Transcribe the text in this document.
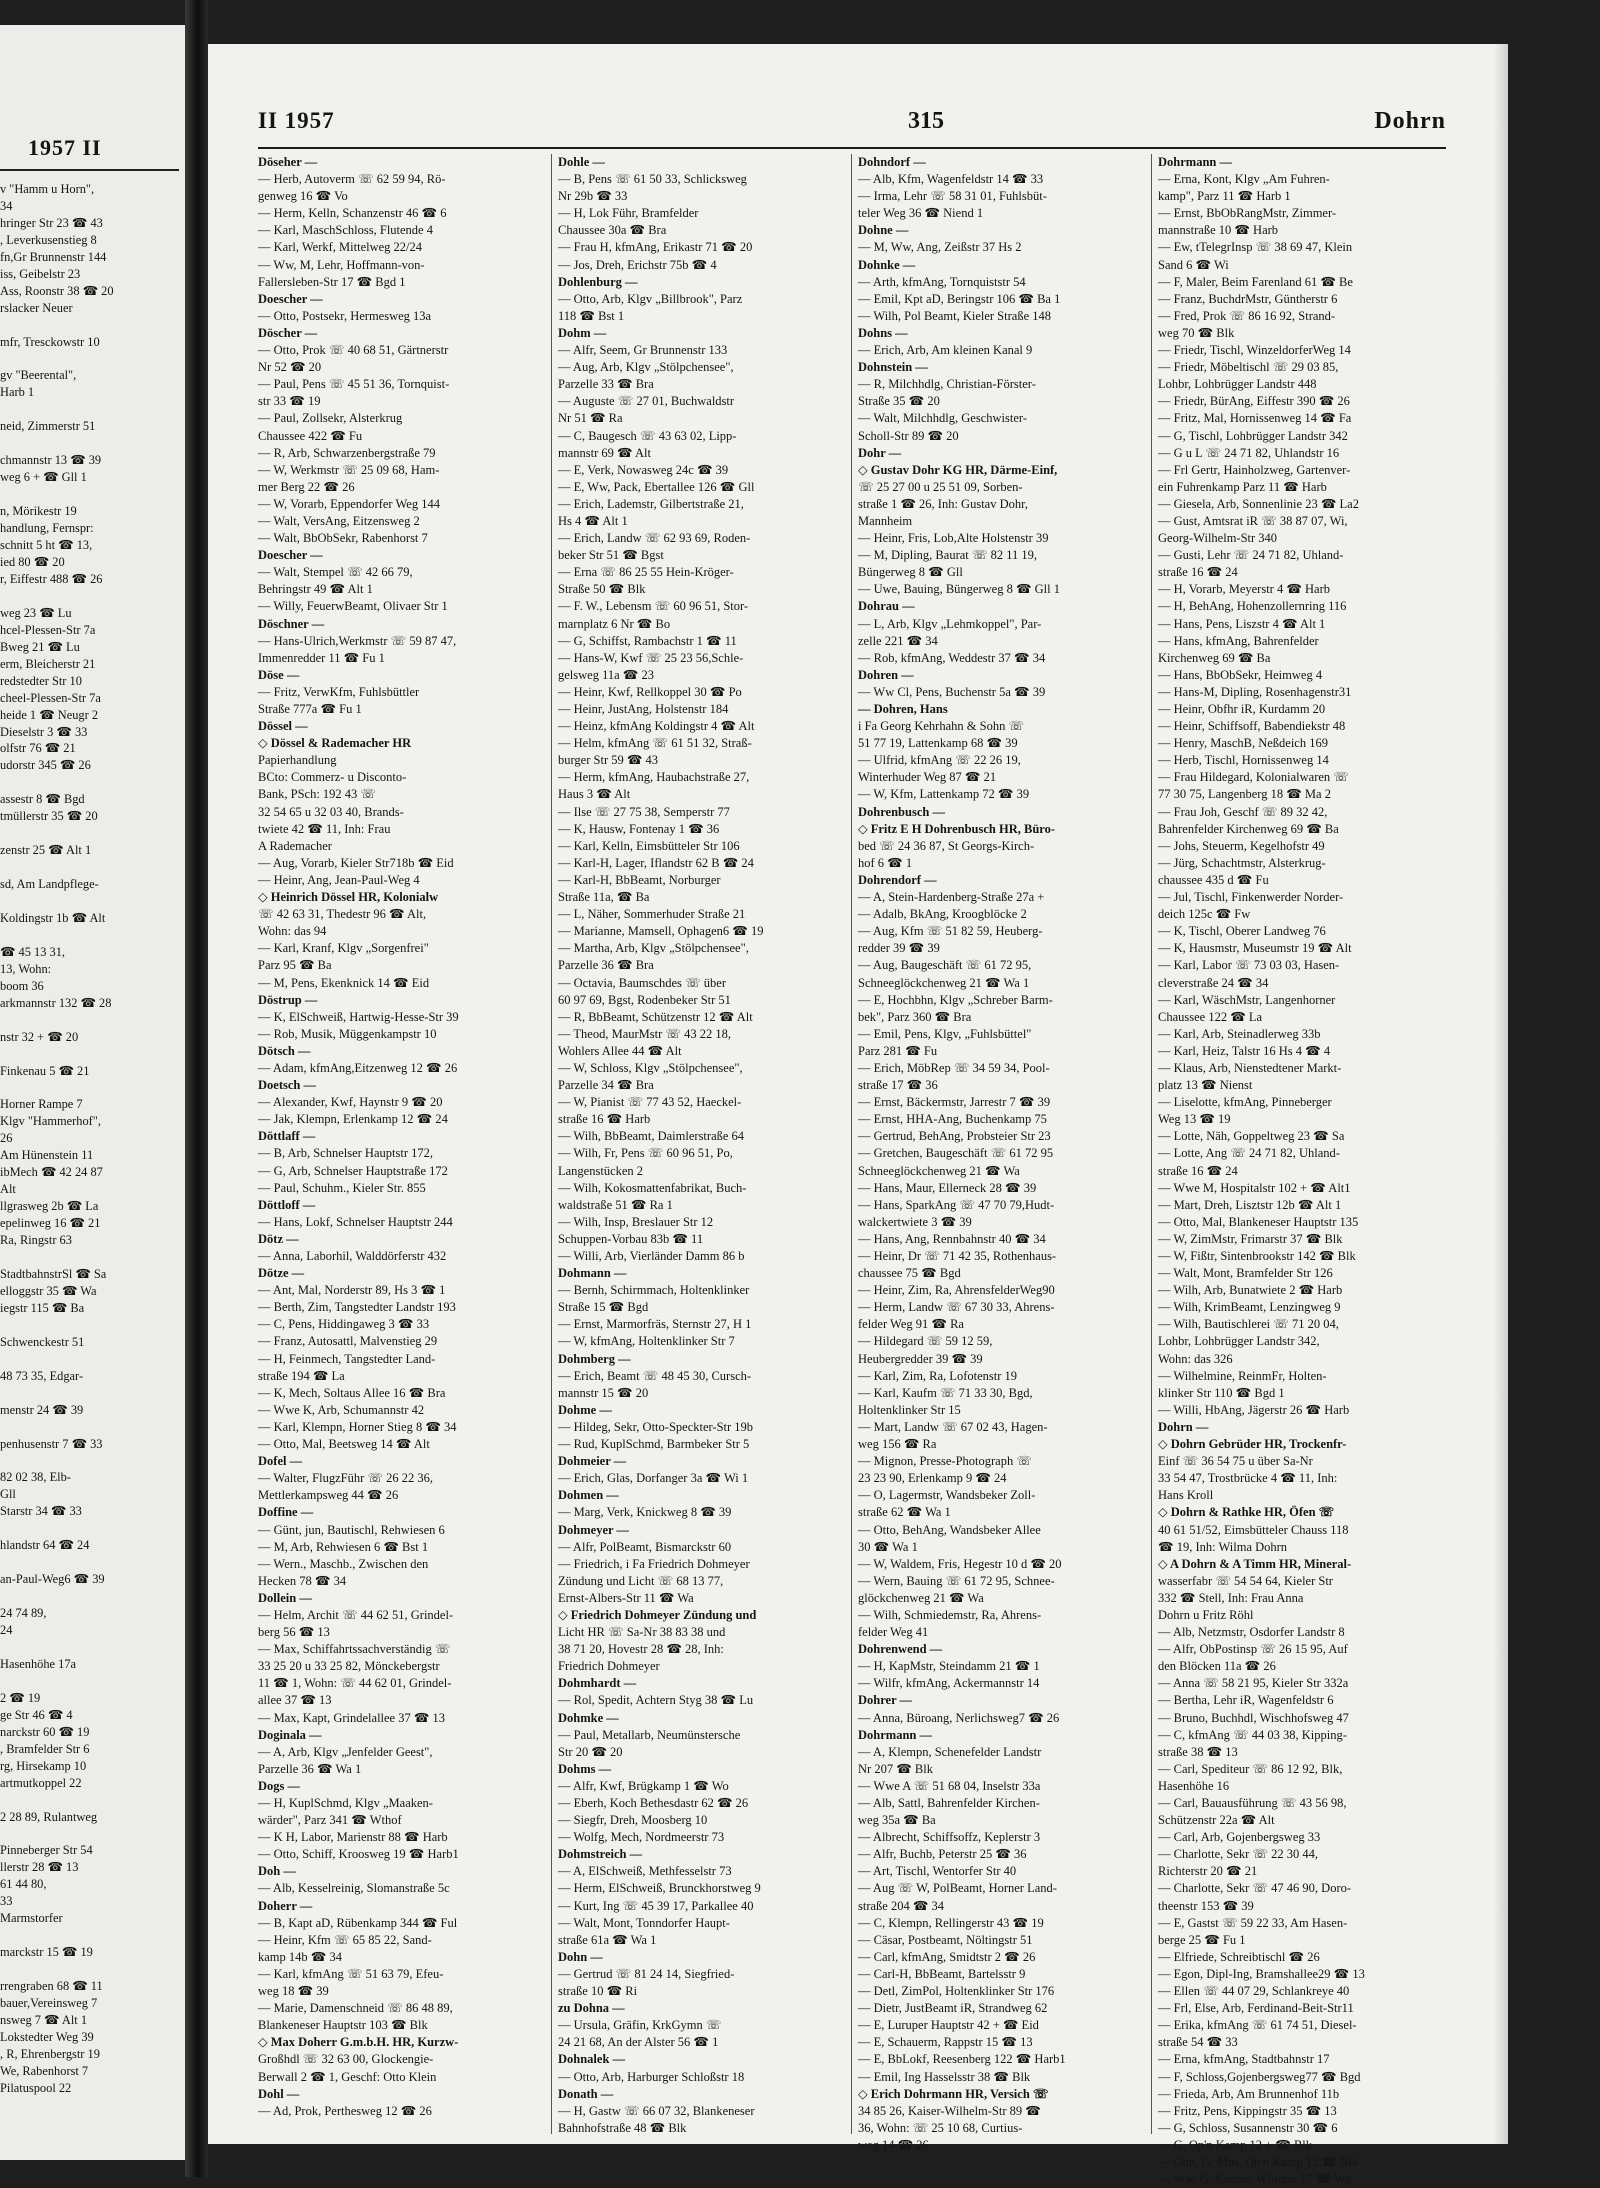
1957 II
v "Hamm u Horn",
34
hringer Str 23 ☎ 43
, Leverkusenstieg 8
fn,Gr Brunnenstr 144
iss, Geibelstr 23
Ass, Roonstr 38 ☎ 20
rslacker Neuer

mfr, Tresckowstr 10

gv "Beerental",
Harb 1

neid, Zimmerstr 51

chmannstr 13 ☎ 39
weg 6 + ☎ Gll 1

n, Mörikestr 19
handlung, Fernspr:
schnitt 5 ht ☎ 13,
ied 80 ☎ 20
r, Eiffestr 488 ☎ 26

weg 23 ☎ Lu
hcel-Plessen-Str 7a
Bweg 21 ☎ Lu
erm, Bleicherstr 21
redstedter Str 10
cheel-Plessen-Str 7a
heide 1 ☎ Neugr 2
Dieselstr 3 ☎ 33
olfstr 76 ☎ 21
udorstr 345 ☎ 26

assestr 8 ☎ Bgd
tmüllerstr 35 ☎ 20

zenstr 25 ☎ Alt 1

sd, Am Landpflege-

Koldingstr 1b ☎ Alt

☎ 45 13 31,
13, Wohn:
boom 36
arkmannstr 132 ☎ 28

nstr 32 + ☎ 20

Finkenau 5 ☎ 21

Horner Rampe 7
Klgv "Hammerhof",
26
Am Hünenstein 11
ibMech ☎ 42 24 87
Alt
llgrasweg 2b ☎ La
epelinweg 16 ☎ 21
Ra, Ringstr 63

StadtbahnstrSl ☎ Sa
elloggstr 35 ☎ Wa
iegstr 115 ☎ Ba

Schwenckestr 51

48 73 35, Edgar-

menstr 24 ☎ 39

penhusenstr 7 ☎ 33

82 02 38, Elb-
Gll
Starstr 34 ☎ 33

hlandstr 64 ☎ 24

an-Paul-Weg6 ☎ 39

24 74 89,
24

Hasenhöhe 17a

2 ☎ 19
ge Str 46 ☎ 4
narckstr 60 ☎ 19
, Bramfelder Str 6
rg, Hirsekamp 10
artmutkoppel 22

2 28 89, Rulantweg

Pinneberger Str 54
llerstr 28 ☎ 13
61 44 80,
33
Marmstorfer

marckstr 15 ☎ 19

rrengraben 68 ☎ 11
bauer,Vereinsweg 7
nsweg 7 ☎ Alt 1
Lokstedter Weg 39
, R, Ehrenbergstr 19
We, Rabenhorst 7
Pilatuspool 22
II 1957	315	Dohrn
Döseher —
— Herb, Autoverm ☏ 62 59 94, Rö-
genweg 16 ☎ Vo
— Herm, Kelln, Schanzenstr 46 ☎ 6
— Karl, MaschSchloss, Flutende 4
— Karl, Werkf, Mittelweg 22/24
— Ww, M, Lehr, Hoffmann-von-
Fallersleben-Str 17 ☎ Bgd 1
Doescher —
— Otto, Postsekr, Hermesweg 13a
Döscher —
— Otto, Prok ☏ 40 68 51, Gärtnerstr
Nr 52 ☎ 20
— Paul, Pens ☏ 45 51 36, Tornquist-
str 33 ☎ 19
— Paul, Zollsekr, Alsterkrug
Chaussee 422 ☎ Fu
— R, Arb, Schwarzenbergstraße 79
— W, Werkmstr ☏ 25 09 68, Ham-
mer Berg 22 ☎ 26
— W, Vorarb, Eppendorfer Weg 144
— Walt, VersAng, Eitzensweg 2
— Walt, BbObSekr, Rabenhorst 7
Doescher —
— Walt, Stempel ☏ 42 66 79,
Behringstr 49 ☎ Alt 1
— Willy, FeuerwBeamt, Olivaer Str 1
Döschner —
— Hans-Ulrich,Werkmstr ☏ 59 87 47,
Immenredder 11 ☎ Fu 1
Döse —
— Fritz, VerwKfm, Fuhlsbüttler
Straße 777a ☎ Fu 1
Dössel —
◇ Dössel & Rademacher HR
Papierhandlung
BCto: Commerz- u Disconto-
Bank, PSch: 192 43 ☏
32 54 65 u 32 03 40, Brands-
twiete 42 ☎ 11, Inh: Frau
A Rademacher
— Aug, Vorarb, Kieler Str718b ☎ Eid
— Heinr, Ang, Jean-Paul-Weg 4
◇ Heinrich Dössel HR, Kolonialw
☏ 42 63 31, Thedestr 96 ☎ Alt,
Wohn: das 94
— Karl, Kranf, Klgv „Sorgenfrei"
Parz 95 ☎ Ba
— M, Pens, Ekenknick 14 ☎ Eid
Döstrup —
— K, ElSchweiß, Hartwig-Hesse-Str 39
— Rob, Musik, Müggenkampstr 10
Dötsch —
— Adam, kfmAng,Eitzenweg 12 ☎ 26
Doetsch —
— Alexander, Kwf, Haynstr 9 ☎ 20
— Jak, Klempn, Erlenkamp 12 ☎ 24
Döttlaff —
— B, Arb, Schnelser Hauptstr 172,
— G, Arb, Schnelser Hauptstraße 172
— Paul, Schuhm., Kieler Str. 855
Döttloff —
— Hans, Lokf, Schnelser Hauptstr 244
Dötz —
— Anna, Laborhil, Walddörferstr 432
Dötze —
— Ant, Mal, Norderstr 89, Hs 3 ☎ 1
— Berth, Zim, Tangstedter Landstr 193
— C, Pens, Hiddingaweg 3 ☎ 33
— Franz, Autosattl, Malvenstieg 29
— H, Feinmech, Tangstedter Land-
straße 194 ☎ La
— K, Mech, Soltaus Allee 16 ☎ Bra
— Wwe K, Arb, Schumannstr 42
— Karl, Klempn, Horner Stieg 8 ☎ 34
— Otto, Mal, Beetsweg 14 ☎ Alt
Dofel —
— Walter, FlugzFühr ☏ 26 22 36,
Mettlerkampsweg 44 ☎ 26
Doffine —
— Günt, jun, Bautischl, Rehwiesen 6
— M, Arb, Rehwiesen 6 ☎ Bst 1
— Wern., Maschb., Zwischen den
Hecken 78 ☎ 34
Dollein —
— Helm, Archit ☏ 44 62 51, Grindel-
berg 56 ☎ 13
— Max, Schiffahrtssachverständig ☏
33 25 20 u 33 25 82, Mönckebergstr
11 ☎ 1, Wohn: ☏ 44 62 01, Grindel-
allee 37 ☎ 13
— Max, Kapt, Grindelallee 37 ☎ 13
Doginala —
— A, Arb, Klgv „Jenfelder Geest",
Parzelle 36 ☎ Wa 1
Dogs —
— H, KuplSchmd, Klgv „Maaken-
wärder", Parz 341 ☎ Wthof
— K H, Labor, Marienstr 88 ☎ Harb
— Otto, Schiff, Kroosweg 19 ☎ Harb1
Doh —
— Alb, Kesselreinig, Slomanstraße 5c
Doherr —
— B, Kapt aD, Rübenkamp 344 ☎ Ful
— Heinr, Kfm ☏ 65 85 22, Sand-
kamp 14b ☎ 34
— Karl, kfmAng ☏ 51 63 79, Efeu-
weg 18 ☎ 39
— Marie, Damenschneid ☏ 86 48 89,
Blankeneser Hauptstr 103 ☎ Blk
◇ Max Doherr G.m.b.H. HR, Kurzw-
Großhdl ☏ 32 63 00, Glockengie-
Berwall 2 ☎ 1, Geschf: Otto Klein
Dohl —
— Ad, Prok, Perthesweg 12 ☎ 26
Dohle —
— B, Pens ☏ 61 50 33, Schlicksweg
Nr 29b ☎ 33
— H, Lok Führ, Bramfelder
Chaussee 30a ☎ Bra
— Frau H, kfmAng, Erikastr 71 ☎ 20
— Jos, Dreh, Erichstr 75b ☎ 4
Dohlenburg —
— Otto, Arb, Klgv „Billbrook", Parz
118 ☎ Bst 1
Dohm —
— Alfr, Seem, Gr Brunnenstr 133
— Aug, Arb, Klgv „Stölpchensee",
Parzelle 33 ☎ Bra
— Auguste ☏ 27 01, Buchwaldstr
Nr 51 ☎ Ra
— C, Baugesch ☏ 43 63 02, Lipp-
mannstr 69 ☎ Alt
— E, Verk, Nowasweg 24c ☎ 39
— E, Ww, Pack, Ebertallee 126 ☎ Gll
— Erich, Lademstr, Gilbertstraße 21,
Hs 4 ☎ Alt 1
— Erich, Landw ☏ 62 93 69, Roden-
beker Str 51 ☎ Bgst
— Erna ☏ 86 25 55 Hein-Kröger-
Straße 50 ☎ Blk
— F. W., Lebensm ☏ 60 96 51, Stor-
marnplatz 6 Nr ☎ Bo
— G, Schiffst, Rambachstr 1 ☎ 11
— Hans-W, Kwf ☏ 25 23 56,Schle-
gelsweg 11a ☎ 23
— Heinr, Kwf, Rellkoppel 30 ☎ Po
— Heinr, JustAng, Holstenstr 184
— Heinz, kfmAng Koldingstr 4 ☎ Alt
— Helm, kfmAng ☏ 61 51 32, Straß-
burger Str 59 ☎ 43
— Herm, kfmAng, Haubachstraße 27,
Haus 3 ☎ Alt
— Ilse ☏ 27 75 38, Semperstr 77
— K, Hausw, Fontenay 1 ☎ 36
— Karl, Kelln, Eimsbütteler Str 106
— Karl-H, Lager, Iflandstr 62 B ☎ 24
— Karl-H, BbBeamt, Norburger
Straße 11a, ☎ Ba
— L, Näher, Sommerhuder Straße 21
— Marianne, Mamsell, Ophagen6 ☎ 19
— Martha, Arb, Klgv „Stölpchensee",
Parzelle 36 ☎ Bra
— Octavia, Baumschdes ☏ über
60 97 69, Bgst, Rodenbeker Str 51
— R, BbBeamt, Schützenstr 12 ☎ Alt
— Theod, MaurMstr ☏ 43 22 18,
Wohlers Allee 44 ☎ Alt
— W, Schloss, Klgv „Stölpchensee",
Parzelle 34 ☎ Bra
— W, Pianist ☏ 77 43 52, Haeckel-
straße 16 ☎ Harb
— Wilh, BbBeamt, Daimlerstraße 64
— Wilh, Fr, Pens ☏ 60 96 51, Po,
Langenstücken 2
— Wilh, Kokosmattenfabrikat, Buch-
waldstraße 51 ☎ Ra 1
— Wilh, Insp, Breslauer Str 12
Schuppen-Vorbau 83b ☎ 11
— Willi, Arb, Vierländer Damm 86 b
Dohmann —
— Bernh, Schirmmach, Holtenklinker
Straße 15 ☎ Bgd
— Ernst, Marmorfräs, Sternstr 27, H 1
— W, kfmAng, Holtenklinker Str 7
Dohmberg —
— Erich, Beamt ☏ 48 45 30, Cursch-
mannstr 15 ☎ 20
Dohme —
— Hildeg, Sekr, Otto-Speckter-Str 19b
— Rud, KuplSchmd, Barmbeker Str 5
Dohmeier —
— Erich, Glas, Dorfanger 3a ☎ Wi 1
Dohmen —
— Marg, Verk, Knickweg 8 ☎ 39
Dohmeyer —
— Alfr, PolBeamt, Bismarckstr 60
— Friedrich, i Fa Friedrich Dohmeyer
Zündung und Licht ☏ 68 13 77,
Ernst-Albers-Str 11 ☎ Wa
◇ Friedrich Dohmeyer Zündung und
Licht HR ☏ Sa-Nr 38 83 38 und
38 71 20, Hovestr 28 ☎ 28, Inh:
Friedrich Dohmeyer
Dohmhardt —
— Rol, Spedit, Achtern Styg 38 ☎ Lu
Dohmke —
— Paul, Metallarb, Neumünstersche
Str 20 ☎ 20
Dohms —
— Alfr, Kwf, Brügkamp 1 ☎ Wo
— Eberh, Koch Bethesdastr 62 ☎ 26
— Siegfr, Dreh, Moosberg 10
— Wolfg, Mech, Nordmeerstr 73
Dohmstreich —
— A, ElSchweiß, Methfesselstr 73
— Herm, ElSchweiß, Brunckhorstweg 9
— Kurt, Ing ☏ 45 39 17, Parkallee 40
— Walt, Mont, Tonndorfer Haupt-
straße 61a ☎ Wa 1
Dohn —
— Gertrud ☏ 81 24 14, Siegfried-
straße 10 ☎ Ri
zu Dohna —
— Ursula, Gräfin, KrkGymn ☏
24 21 68, An der Alster 56 ☎ 1
Dohnalek —
— Otto, Arb, Harburger Schloßstr 18
Donath —
— H, Gastw ☏ 66 07 32, Blankeneser
Bahnhofstraße 48 ☎ Blk
Dohndorf —
— Alb, Kfm, Wagenfeldstr 14 ☎ 33
— Irma, Lehr ☏ 58 31 01, Fuhlsbüt-
teler Weg 36 ☎ Niend 1
Dohne —
— M, Ww, Ang, Zeißstr 37 Hs 2
Dohnke —
— Arth, kfmAng, Tornquiststr 54
— Emil, Kpt aD, Beringstr 106 ☎ Ba 1
— Wilh, Pol Beamt, Kieler Straße 148
Dohns —
— Erich, Arb, Am kleinen Kanal 9
Dohnstein —
— R, Milchhdlg, Christian-Förster-
Straße 35 ☎ 20
— Walt, Milchhdlg, Geschwister-
Scholl-Str 89 ☎ 20
Dohr —
◇ Gustav Dohr KG HR, Därme-Einf,
☏ 25 27 00 u 25 51 09, Sorben-
straße 1 ☎ 26, Inh: Gustav Dohr,
Mannheim
— Heinr, Fris, Lob,Alte Holstenstr 39
— M, Dipling, Baurat ☏ 82 11 19,
Büngerweg 8 ☎ Gll
— Uwe, Bauing, Büngerweg 8 ☎ Gll 1
Dohrau —
— L, Arb, Klgv „Lehmkoppel", Par-
zelle 221 ☎ 34
— Rob, kfmAng, Weddestr 37 ☎ 34
Dohren —
— Ww Cl, Pens, Buchenstr 5a ☎ 39
— Dohren, Hans
i Fa Georg Kehrhahn & Sohn ☏
51 77 19, Lattenkamp 68 ☎ 39
— Ulfrid, kfmAng ☏ 22 26 19,
Winterhuder Weg 87 ☎ 21
— W, Kfm, Lattenkamp 72 ☎ 39
Dohrenbusch —
◇ Fritz E H Dohrenbusch HR, Büro-
bed ☏ 24 36 87, St Georgs-Kirch-
hof 6 ☎ 1
Dohrendorf —
— A, Stein-Hardenberg-Straße 27a +
— Adalb, BkAng, Kroogblöcke 2
— Aug, Kfm ☏ 51 82 59, Heuberg-
redder 39 ☎ 39
— Aug, Baugeschäft ☏ 61 72 95,
Schneeglöckchenweg 21 ☎ Wa 1
— E, Hochbhn, Klgv „Schreber Barm-
bek", Parz 360 ☎ Bra
— Emil, Pens, Klgv, „Fuhlsbüttel"
Parz 281 ☎ Fu
— Erich, MöbRep ☏ 34 59 34, Pool-
straße 17 ☎ 36
— Ernst, Bäckermstr, Jarrestr 7 ☎ 39
— Ernst, HHA-Ang, Buchenkamp 75
— Gertrud, BehAng, Probsteier Str 23
— Gretchen, Baugeschäft ☏ 61 72 95
Schneeglöckchenweg 21 ☎ Wa
— Hans, Maur, Ellerneck 28 ☎ 39
— Hans, SparkAng ☏ 47 70 79,Hudt-
walckertwiete 3 ☎ 39
— Hans, Ang, Rennbahnstr 40 ☎ 34
— Heinr, Dr ☏ 71 42 35, Rothenhaus-
chaussee 75 ☎ Bgd
— Heinr, Zim, Ra, AhrensfelderWeg90
— Herm, Landw ☏ 67 30 33, Ahrens-
felder Weg 91 ☎ Ra
— Hildegard ☏ 59 12 59,
Heubergredder 39 ☎ 39
— Karl, Zim, Ra, Lofotenstr 19
— Karl, Kaufm ☏ 71 33 30, Bgd,
Holtenklinker Str 15
— Mart, Landw ☏ 67 02 43, Hagen-
weg 156 ☎ Ra
— Mignon, Presse-Photograph ☏
23 23 90, Erlenkamp 9 ☎ 24
— O, Lagermstr, Wandsbeker Zoll-
straße 62 ☎ Wa 1
— Otto, BehAng, Wandsbeker Allee
30 ☎ Wa 1
— W, Waldem, Fris, Hegestr 10 d ☎ 20
— Wern, Bauing ☏ 61 72 95, Schnee-
glöckchenweg 21 ☎ Wa
— Wilh, Schmiedemstr, Ra, Ahrens-
felder Weg 41
Dohrenwend —
— H, KapMstr, Steindamm 21 ☎ 1
— Wilfr, kfmAng, Ackermannstr 14
Dohrer —
— Anna, Büroang, Nerlichsweg7 ☎ 26
Dohrmann —
— A, Klempn, Schenefelder Landstr
Nr 207 ☎ Blk
— Wwe A ☏ 51 68 04, Inselstr 33a
— Alb, Sattl, Bahrenfelder Kirchen-
weg 35a ☎ Ba
— Albrecht, Schiffsoffz, Keplerstr 3
— Alfr, Buchb, Peterstr 25 ☎ 36
— Art, Tischl, Wentorfer Str 40
— Aug ☏ W, PolBeamt, Horner Land-
straße 204 ☎ 34
— C, Klempn, Rellingerstr 43 ☎ 19
— Cäsar, Postbeamt, Nöltingstr 51
— Carl, kfmAng, Smidtstr 2 ☎ 26
— Carl-H, BbBeamt, Bartelsstr 9
— Detl, ZimPol, Holtenklinker Str 176
— Dietr, JustBeamt iR, Strandweg 62
— E, Luruper Hauptstr 42 + ☎ Eid
— E, Schauerm, Rappstr 15 ☎ 13
— E, BbLokf, Reesenberg 122 ☎ Harb1
— Emil, Ing Hasselsstr 38 ☎ Blk
◇ Erich Dohrmann HR, Versich ☏
34 85 26, Kaiser-Wilhelm-Str 89 ☎
36, Wohn: ☏ 25 10 68, Curtius-
weg 14 ☎ 26
Dohrmann —
— Erna, Kont, Klgv „Am Fuhren-
kamp", Parz 11 ☎ Harb 1
— Ernst, BbObRangMstr, Zimmer-
mannstraße 10 ☎ Harb
— Ew, tTelegrInsp ☏ 38 69 47, Klein
Sand 6 ☎ Wi
— F, Maler, Beim Farenland 61 ☎ Be
— Franz, BuchdrMstr, Güntherstr 6
— Fred, Prok ☏ 86 16 92, Strand-
weg 70 ☎ Blk
— Friedr, Tischl, WinzeldorferWeg 14
— Friedr, Möbeltischl ☏ 29 03 85,
Lohbr, Lohbrügger Landstr 448
— Friedr, BürAng, Eiffestr 390 ☎ 26
— Fritz, Mal, Hornissenweg 14 ☎ Fa
— G, Tischl, Lohbrügger Landstr 342
— G u L ☏ 24 71 82, Uhlandstr 16
— Frl Gertr, Hainholzweg, Gartenver-
ein Fuhrenkamp Parz 11 ☎ Harb
— Giesela, Arb, Sonnenlinie 23 ☎ La2
— Gust, Amtsrat iR ☏ 38 87 07, Wi,
Georg-Wilhelm-Str 340
— Gusti, Lehr ☏ 24 71 82, Uhland-
straße 16 ☎ 24
— H, Vorarb, Meyerstr 4 ☎ Harb
— H, BehAng, Hohenzollernring 116
— Hans, Pens, Liszstr 4 ☎ Alt 1
— Hans, kfmAng, Bahrenfelder
Kirchenweg 69 ☎ Ba
— Hans, BbObSekr, Heimweg 4
— Hans-M, Dipling, Rosenhagenstr31
— Heinr, Obfhr iR, Kurdamm 20
— Heinr, Schiffsoff, Babendiekstr 48
— Henry, MaschB, Neßdeich 169
— Herb, Tischl, Hornissenweg 14
— Frau Hildegard, Kolonialwaren ☏
77 30 75, Langenberg 18 ☎ Ma 2
— Frau Joh, Geschf ☏ 89 32 42,
Bahrenfelder Kirchenweg 69 ☎ Ba
— Johs, Steuerm, Kegelhofstr 49
— Jürg, Schachtmstr, Alsterkrug-
chaussee 435 d ☎ Fu
— Jul, Tischl, Finkenwerder Norder-
deich 125c ☎ Fw
— K, Tischl, Oberer Landweg 76
— K, Hausmstr, Museumstr 19 ☎ Alt
— Karl, Labor ☏ 73 03 03, Hasen-
cleverstraße 24 ☎ 34
— Karl, WäschMstr, Langenhorner
Chaussee 122 ☎ La
— Karl, Arb, Steinadlerweg 33b
— Karl, Heiz, Talstr 16 Hs 4 ☎ 4
— Klaus, Arb, Nienstedtener Markt-
platz 13 ☎ Nienst
— Liselotte, kfmAng, Pinneberger
Weg 13 ☎ 19
— Lotte, Näh, Goppeltweg 23 ☎ Sa
— Lotte, Ang ☏ 24 71 82, Uhland-
straße 16 ☎ 24
— Wwe M, Hospitalstr 102 + ☎ Alt1
— Mart, Dreh, Lisztstr 12b ☎ Alt 1
— Otto, Mal, Blankeneser Hauptstr 135
— W, ZimMstr, Frimarstr 37 ☎ Blk
— W, Fißtr, Sintenbrookstr 142 ☎ Blk
— Walt, Mont, Bramfelder Str 126
— Wilh, Arb, Bunatwiete 2 ☎ Harb
— Wilh, KrimBeamt, Lenzingweg 9
— Wilh, Bautischlerei ☏ 71 20 04,
Lohbr, Lohbrügger Landstr 342,
Wohn: das 326
— Wilhelmine, ReinmFr, Holten-
klinker Str 110 ☎ Bgd 1
— Willi, HbAng, Jägerstr 26 ☎ Harb
Dohrn —
◇ Dohrn Gebrüder HR, Trockenfr-
Einf ☏ 36 54 75 u über Sa-Nr
33 54 47, Trostbrücke 4 ☎ 11, Inh:
Hans Kroll
◇ Dohrn & Rathke HR, Öfen ☏
40 61 51/52, Eimsbütteler Chauss 118
☎ 19, Inh: Wilma Dohrn
◇ A Dohrn & A Timm HR, Mineral-
wasserfabr ☏ 54 54 64, Kieler Str
332 ☎ Stell, Inh: Frau Anna
Dohrn u Fritz Röhl
— Alb, Netzmstr, Osdorfer Landstr 8
— Alfr, ObPostinsp ☏ 26 15 95, Auf
den Blöcken 11a ☎ 26
— Anna ☏ 58 21 95, Kieler Str 332a
— Bertha, Lehr iR, Wagenfeldstr 6
— Bruno, Buchhdl, Wischhofsweg 47
— C, kfmAng ☏ 44 03 38, Kipping-
straße 38 ☎ 13
— Carl, Spediteur ☏ 86 12 92, Blk,
Hasenhöhe 16
— Carl, Bauausführung ☏ 43 56 98,
Schützenstr 22a ☎ Alt
— Carl, Arb, Gojenbergsweg 33
— Charlotte, Sekr ☏ 22 30 44,
Richterstr 20 ☎ 21
— Charlotte, Sekr ☏ 47 46 90, Doro-
theenstr 153 ☎ 39
— E, Gastst ☏ 59 22 33, Am Hasen-
berge 25 ☎ Fu 1
— Elfriede, Schreibtischl ☎ 26
— Egon, Dipl-Ing, Bramshallee29 ☎ 13
— Ellen ☏ 44 07 29, Schlankreye 40
— Frl, Else, Arb, Ferdinand-Beit-Str11
— Erika, kfmAng ☏ 61 74 51, Diesel-
straße 54 ☎ 33
— Erna, kfmAng, Stadtbahnstr 17
— F, Schloss,Gojenbergsweg77 ☎ Bgd
— Frieda, Arb, Am Brunnenhof 11b
— Fritz, Pens, Kippingstr 35 ☎ 13
— G, Schloss, Susannenstr 30 ☎ 6
— G, Op'n Kamp 12 + ☎ Blk
— Gün, G, Mus, Op'n Kamp 12 ☎ Blk
— Ww, G, Kontor, Wölprie 17 ☎ Wo
